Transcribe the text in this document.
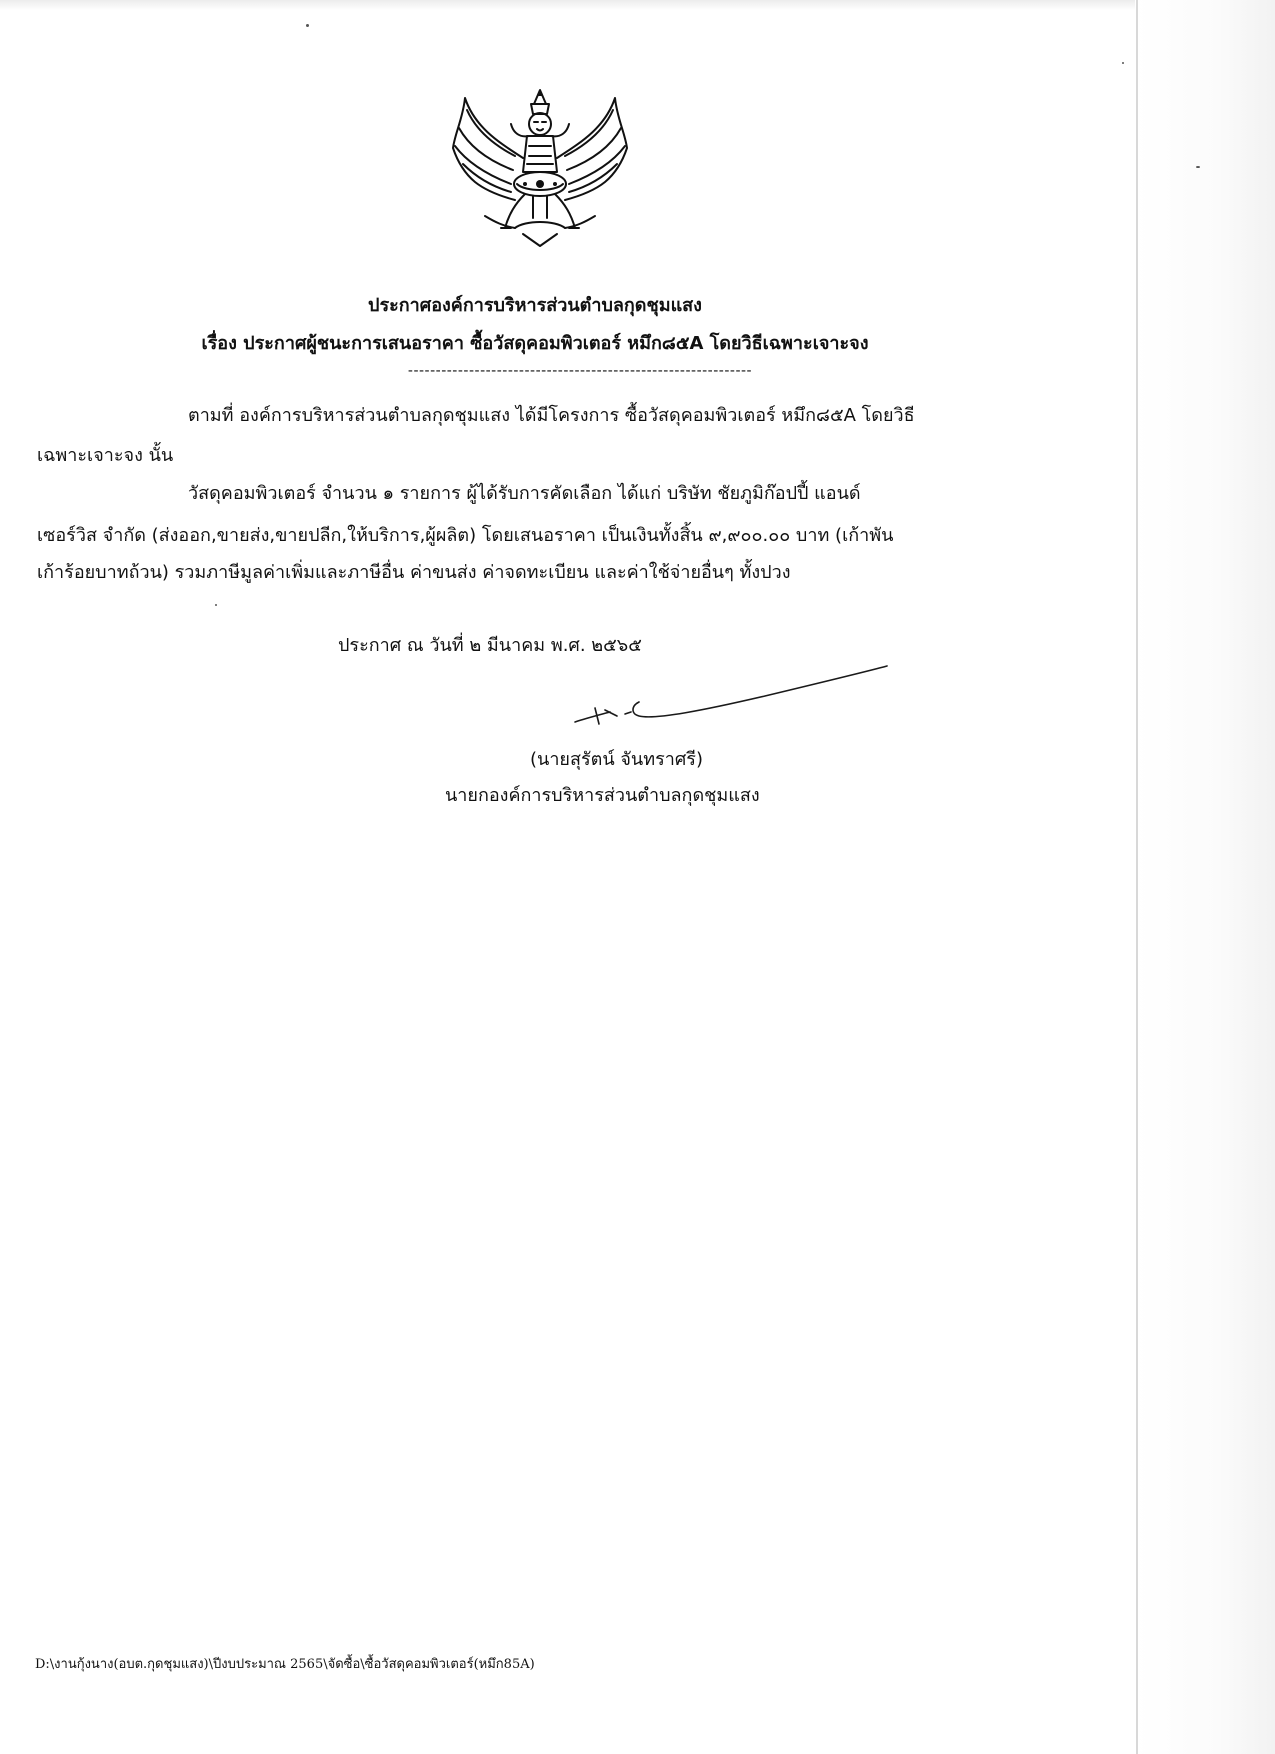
ประกาศองค์การบริหารส่วนตำบลกุดชุมแสง
เรื่อง ประกาศผู้ชนะการเสนอราคา ซื้อวัสดุคอมพิวเตอร์ หมึก๘๕A โดยวิธีเฉพาะเจาะจง
--------------------------------------------------------------
ตามที่ องค์การบริหารส่วนตำบลกุดชุมแสง ได้มีโครงการ ซื้อวัสดุคอมพิวเตอร์ หมึก๘๕A โดยวิธี
เฉพาะเจาะจง นั้น
วัสดุคอมพิวเตอร์ จำนวน ๑ รายการ ผู้ได้รับการคัดเลือก ได้แก่ บริษัท ชัยภูมิก๊อปปี้ แอนด์
เซอร์วิส จำกัด (ส่งออก,ขายส่ง,ขายปลีก,ให้บริการ,ผู้ผลิต) โดยเสนอราคา เป็นเงินทั้งสิ้น ๙,๙๐๐.๐๐ บาท (เก้าพัน
เก้าร้อยบาทถ้วน) รวมภาษีมูลค่าเพิ่มและภาษีอื่น ค่าขนส่ง ค่าจดทะเบียน และค่าใช้จ่ายอื่นๆ ทั้งปวง
ประกาศ ณ วันที่ ๒ มีนาคม พ.ศ. ๒๕๖๕
(นายสุรัตน์ จันทราศรี)
นายกองค์การบริหารส่วนตำบลกุดชุมแสง
D:\งานกุ้งนาง(อบต.กุดชุมแสง)\ปีงบประมาณ 2565\จัดซื้อ\ซื้อวัสดุคอมพิวเตอร์(หมึก85A)
